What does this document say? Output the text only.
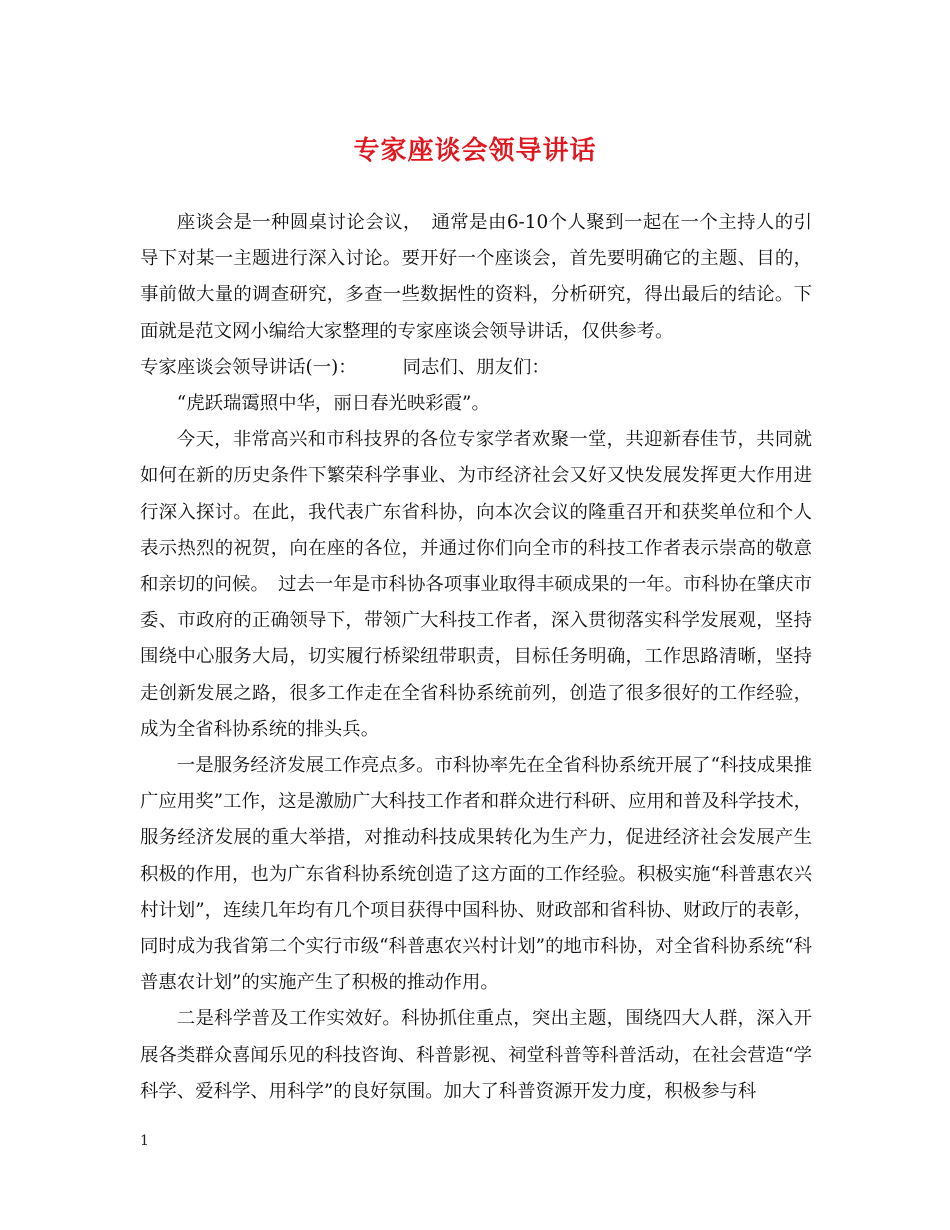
专家座谈会领导讲话

座谈会是一种圆桌讨论会议，　通常是由6-10个人聚到一起在一个主持人的引导下对某一主题进行深入讨论。要开好一个座谈会，首先要明确它的主题、目的，事前做大量的调查研究，多查一些数据性的资料，分析研究，得出最后的结论。下面就是范文网小编给大家整理的专家座谈会领导讲话，仅供参考。

专家座谈会领导讲话(一)：　　　同志们、朋友们：

“虎跃瑞霭照中华，丽日春光映彩霞”。

今天，非常高兴和市科技界的各位专家学者欢聚一堂，共迎新春佳节，共同就如何在新的历史条件下繁荣科学事业、为市经济社会又好又快发展发挥更大作用进行深入探讨。在此，我代表广东省科协，向本次会议的隆重召开和获奖单位和个人表示热烈的祝贺，向在座的各位，并通过你们向全市的科技工作者表示崇高的敬意和亲切的问候。　过去一年是市科协各项事业取得丰硕成果的一年。市科协在肇庆市委、市政府的正确领导下，带领广大科技工作者，深入贯彻落实科学发展观，坚持围绕中心服务大局，切实履行桥梁纽带职责，目标任务明确，工作思路清晰，坚持走创新发展之路，很多工作走在全省科协系统前列，创造了很多很好的工作经验，成为全省科协系统的排头兵。

一是服务经济发展工作亮点多。市科协率先在全省科协系统开展了“科技成果推广应用奖”工作，这是激励广大科技工作者和群众进行科研、应用和普及科学技术，服务经济发展的重大举措，对推动科技成果转化为生产力，促进经济社会发展产生积极的作用，也为广东省科协系统创造了这方面的工作经验。积极实施“科普惠农兴村计划”，连续几年均有几个项目获得中国科协、财政部和省科协、财政厅的表彰，同时成为我省第二个实行市级“科普惠农兴村计划”的地市科协，对全省科协系统“科普惠农计划”的实施产生了积极的推动作用。

二是科学普及工作实效好。科协抓住重点，突出主题，围绕四大人群，深入开展各类群众喜闻乐见的科技咨询、科普影视、祠堂科普等科普活动，在社会营造“学科学、爱科学、用科学”的良好氛围。加大了科普资源开发力度，积极参与科

1
